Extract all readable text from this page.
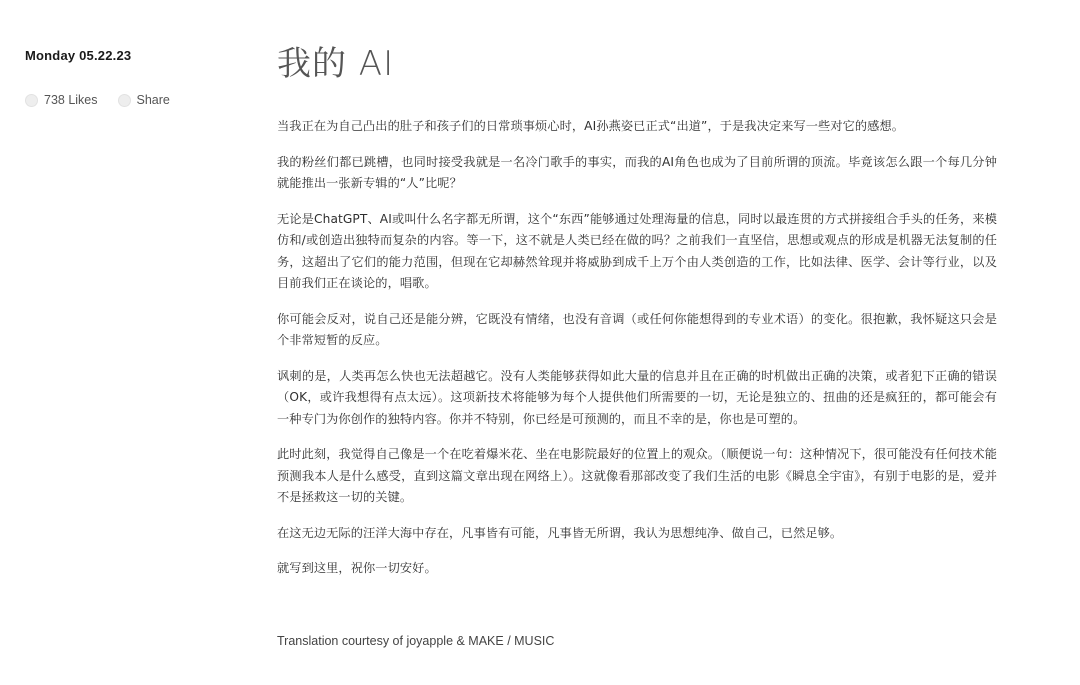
Monday 05.22.23
738 Likes	Share
我的 AI

当我正在为自己凸出的肚子和孩子们的日常琐事烦心时，AI孙燕姿已正式“出道”，于是我决定来写一些对它的感想。

我的粉丝们都已跳槽，也同时接受我就是一名冷门歌手的事实，而我的AI角色也成为了目前所谓的顶流。毕竟该怎么跟一个每几分钟就能推出一张新专辑的“人”比呢？

无论是ChatGPT、AI或叫什么名字都无所谓，这个“东西”能够通过处理海量的信息，同时以最连贯的方式拼接组合手头的任务，来模仿和/或创造出独特而复杂的内容。等一下，这不就是人类已经在做的吗？之前我们一直坚信，思想或观点的形成是机器无法复制的任务，这超出了它们的能力范围，但现在它却赫然耸现并将威胁到成千上万个由人类创造的工作，比如法律、医学、会计等行业，以及目前我们正在谈论的，唱歌。

你可能会反对，说自己还是能分辨，它既没有情绪，也没有音调（或任何你能想得到的专业术语）的变化。很抱歉，我怀疑这只会是个非常短暂的反应。

讽刺的是，人类再怎么快也无法超越它。没有人类能够获得如此大量的信息并且在正确的时机做出正确的决策，或者犯下正确的错误（OK，或许我想得有点太远）。这项新技术将能够为每个人提供他们所需要的一切，无论是独立的、扭曲的还是疯狂的，都可能会有一种专门为你创作的独特内容。你并不特别，你已经是可预测的，而且不幸的是，你也是可塑的。

此时此刻，我觉得自己像是一个在吃着爆米花、坐在电影院最好的位置上的观众。（顺便说一句：这种情况下，很可能没有任何技术能预测我本人是什么感受，直到这篇文章出现在网络上）。这就像看那部改变了我们生活的电影《瞬息全宇宙》，有别于电影的是，爱并不是拯救这一切的关键。

在这无边无际的汪洋大海中存在，凡事皆有可能，凡事皆无所谓，我认为思想纯净、做自己，已然足够。

就写到这里，祝你一切安好。

Translation courtesy of joyapple & MAKE / MUSIC
